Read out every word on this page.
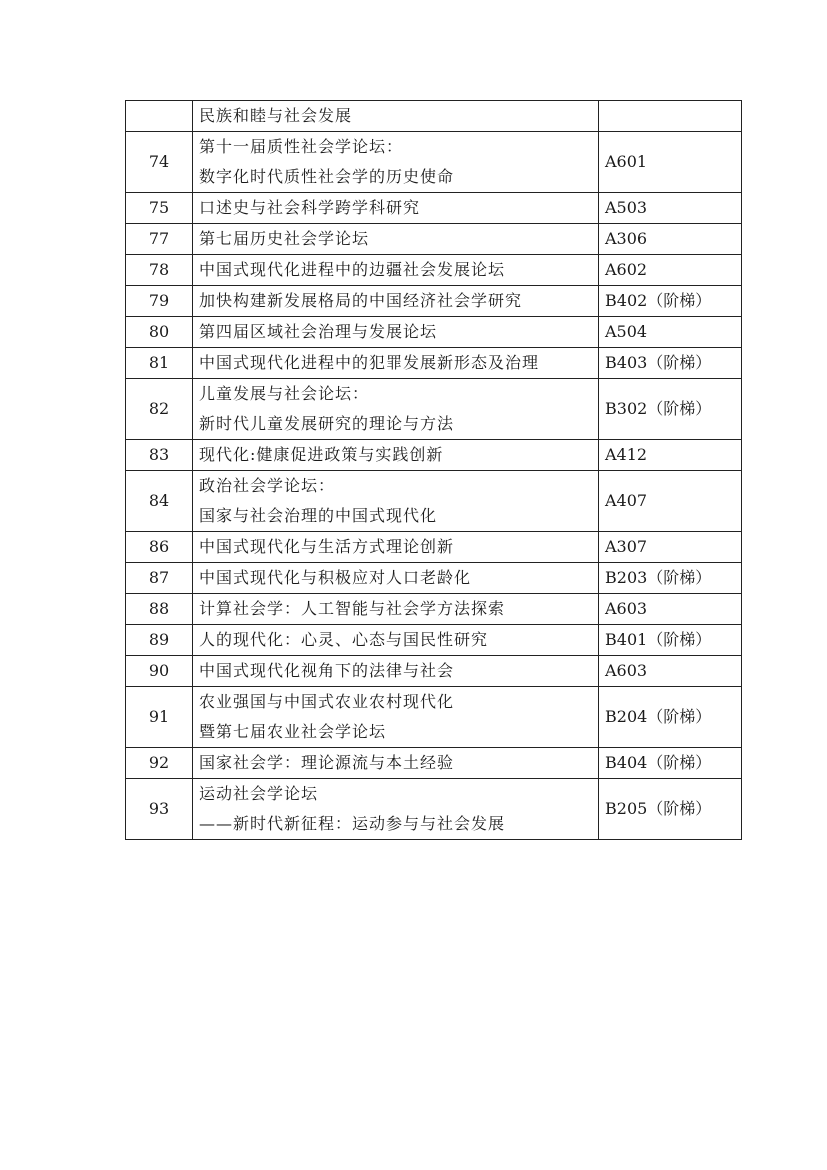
	民族和睦与社会发展	

74	第十一届质性社会学论坛：
数字化时代质性社会学的历史使命	A601
75	口述史与社会科学跨学科研究	A503
77	第七届历史社会学论坛	A306
78	中国式现代化进程中的边疆社会发展论坛	A602
79	加快构建新发展格局的中国经济社会学研究	B402（阶梯）
80	第四届区域社会治理与发展论坛	A504
81	中国式现代化进程中的犯罪发展新形态及治理	B403（阶梯）
82	儿童发展与社会论坛：
新时代儿童发展研究的理论与方法	B302（阶梯）
83	现代化:健康促进政策与实践创新	A412
84	政治社会学论坛：
国家与社会治理的中国式现代化	A407
86	中国式现代化与生活方式理论创新	A307
87	中国式现代化与积极应对人口老龄化	B203（阶梯）
88	计算社会学：人工智能与社会学方法探索	A603
89	人的现代化：心灵、心态与国民性研究	B401（阶梯）
90	中国式现代化视角下的法律与社会	A603
91	农业强国与中国式农业农村现代化
暨第七届农业社会学论坛	B204（阶梯）
92	国家社会学：理论源流与本土经验	B404（阶梯）
93	运动社会学论坛
——新时代新征程：运动参与与社会发展	B205（阶梯）
